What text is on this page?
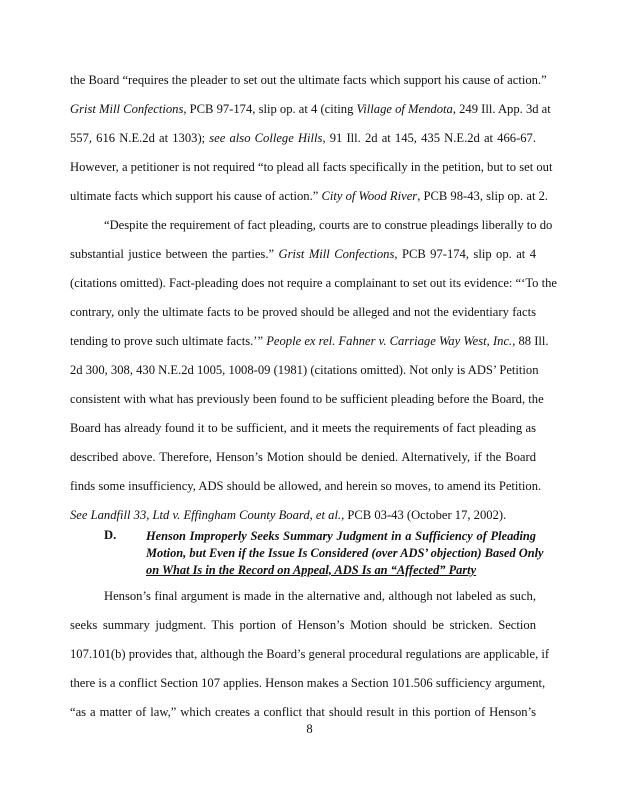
the Board “requires the pleader to set out the ultimate facts which support his cause of action.”
Grist Mill Confections, PCB 97-174, slip op. at 4 (citing Village of Mendota, 249 Ill. App. 3d at
557, 616 N.E.2d at 1303); see also College Hills, 91 Ill. 2d at 145, 435 N.E.2d at 466-67.
However, a petitioner is not required “to plead all facts specifically in the petition, but to set out
ultimate facts which support his cause of action.” City of Wood River, PCB 98-43, slip op. at 2.
“Despite the requirement of fact pleading, courts are to construe pleadings liberally to do
substantial justice between the parties.” Grist Mill Confections, PCB 97-174, slip op. at 4
(citations omitted). Fact-pleading does not require a complainant to set out its evidence: “‘To the
contrary, only the ultimate facts to be proved should be alleged and not the evidentiary facts
tending to prove such ultimate facts.’” People ex rel. Fahner v. Carriage Way West, Inc., 88 Ill.
2d 300, 308, 430 N.E.2d 1005, 1008-09 (1981) (citations omitted). Not only is ADS’ Petition
consistent with what has previously been found to be sufficient pleading before the Board, the
Board has already found it to be sufficient, and it meets the requirements of fact pleading as
described above. Therefore, Henson’s Motion should be denied. Alternatively, if the Board
finds some insufficiency, ADS should be allowed, and herein so moves, to amend its Petition.
See Landfill 33, Ltd v. Effingham County Board, et al., PCB 03-43 (October 17, 2002).
D. Henson Improperly Seeks Summary Judgment in a Sufficiency of Pleading
Motion, but Even if the Issue Is Considered (over ADS’ objection) Based Only
on What Is in the Record on Appeal, ADS Is an “Affected” Party
Henson’s final argument is made in the alternative and, although not labeled as such,
seeks summary judgment. This portion of Henson’s Motion should be stricken. Section
107.101(b) provides that, although the Board’s general procedural regulations are applicable, if
there is a conflict Section 107 applies. Henson makes a Section 101.506 sufficiency argument,
“as a matter of law,” which creates a conflict that should result in this portion of Henson’s
8
